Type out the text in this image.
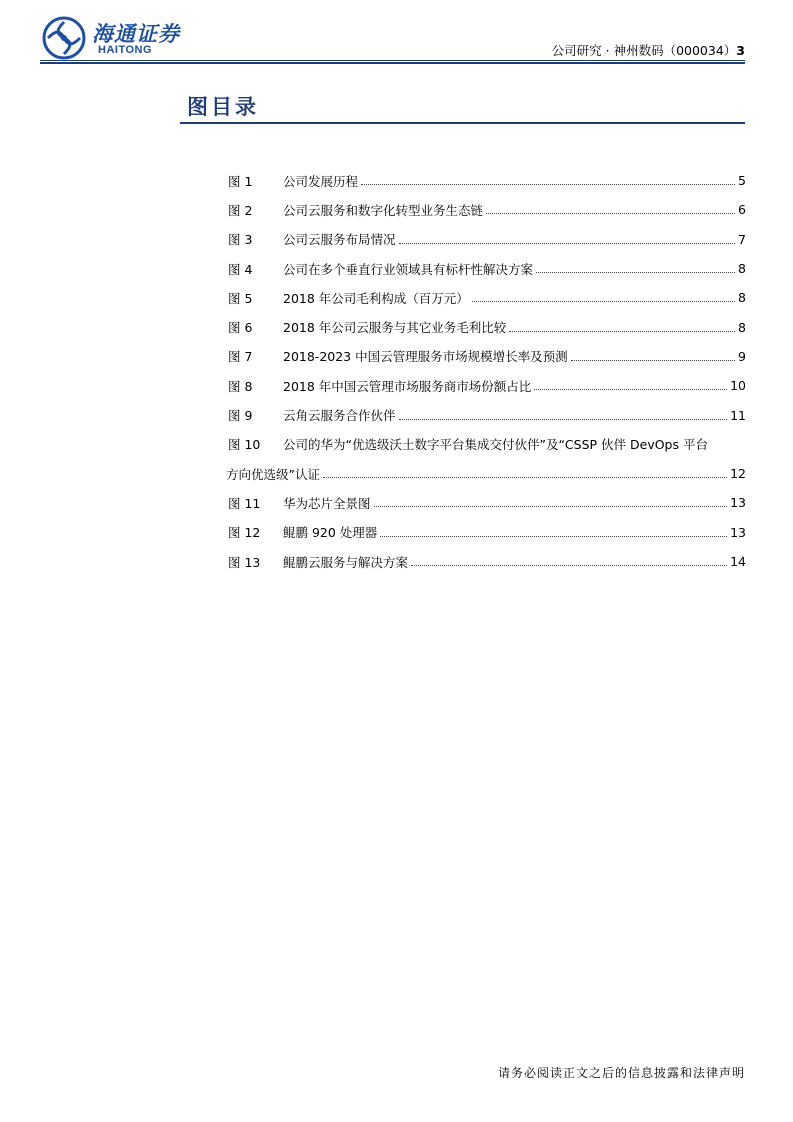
海通证券
HAITONG	公司研究 · 神州数码（000034）3
图目录
图 1	公司发展历程	5
图 2	公司云服务和数字化转型业务生态链	6
图 3	公司云服务布局情况	7
图 4	公司在多个垂直行业领域具有标杆性解决方案	8
图 5	2018 年公司毛利构成（百万元）	8
图 6	2018 年公司云服务与其它业务毛利比较	8
图 7	2018-2023 中国云管理服务市场规模增长率及预测	9
图 8	2018 年中国云管理市场服务商市场份额占比	10
图 9	云角云服务合作伙伴	11
图 10	公司的华为“优选级沃土数字平台集成交付伙伴”及“CSSP 伙伴 DevOps 平台
方向优选级”认证	12
图 11	华为芯片全景图	13
图 12	鲲鹏 920 处理器	13
图 13	鲲鹏云服务与解决方案	14
请务必阅读正文之后的信息披露和法律声明
